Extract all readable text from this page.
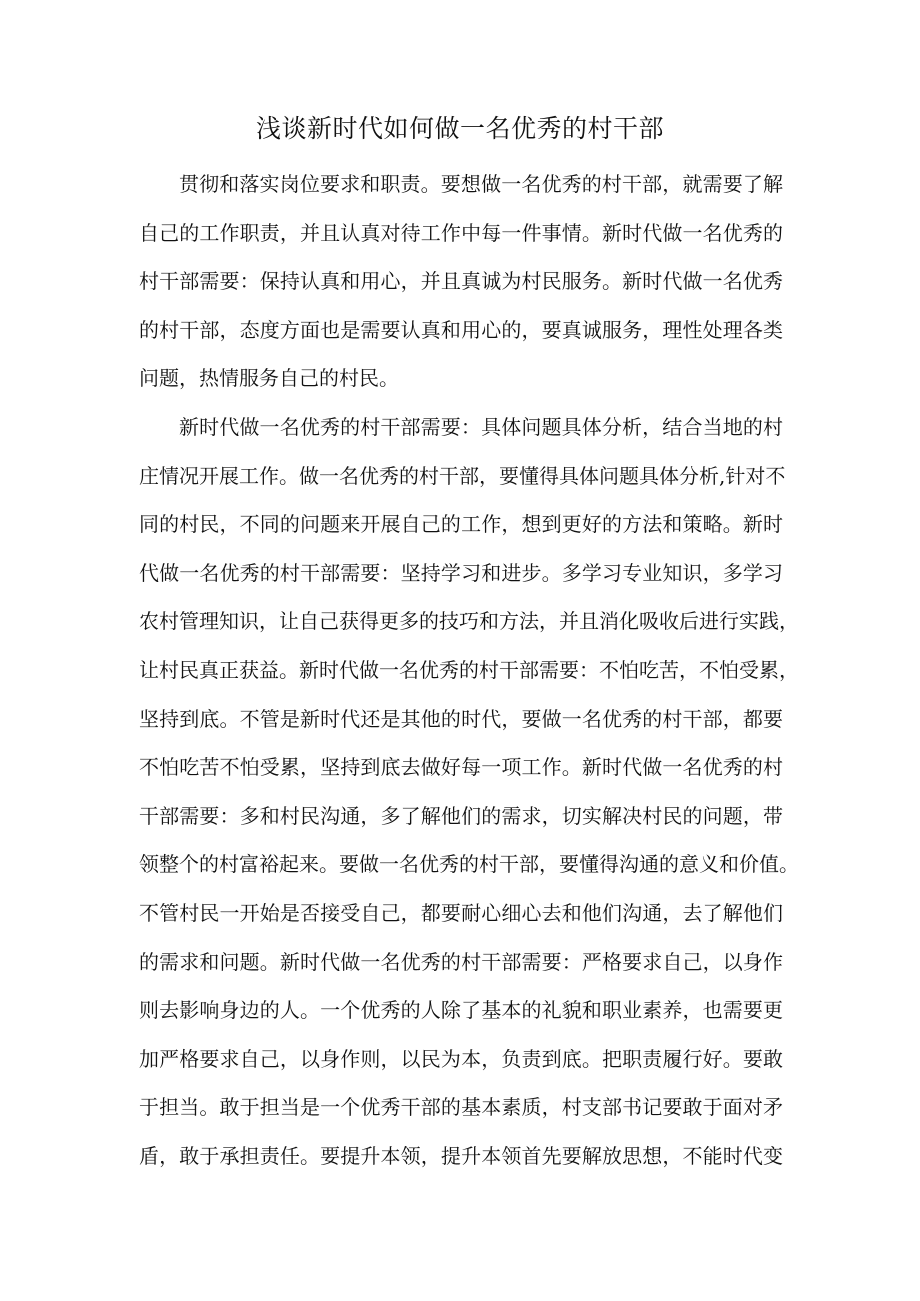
浅谈新时代如何做一名优秀的村干部
贯彻和落实岗位要求和职责。要想做一名优秀的村干部，就需要了解
自己的工作职责，并且认真对待工作中每一件事情。新时代做一名优秀的
村干部需要：保持认真和用心，并且真诚为村民服务。新时代做一名优秀
的村干部，态度方面也是需要认真和用心的，要真诚服务，理性处理各类
问题，热情服务自己的村民。
新时代做一名优秀的村干部需要：具体问题具体分析，结合当地的村
庄情况开展工作。做一名优秀的村干部，要懂得具体问题具体分析,针对不
同的村民，不同的问题来开展自己的工作，想到更好的方法和策略。新时
代做一名优秀的村干部需要：坚持学习和进步。多学习专业知识，多学习
农村管理知识，让自己获得更多的技巧和方法，并且消化吸收后进行实践，
让村民真正获益。新时代做一名优秀的村干部需要：不怕吃苦，不怕受累，
坚持到底。不管是新时代还是其他的时代，要做一名优秀的村干部，都要
不怕吃苦不怕受累，坚持到底去做好每一项工作。新时代做一名优秀的村
干部需要：多和村民沟通，多了解他们的需求，切实解决村民的问题，带
领整个的村富裕起来。要做一名优秀的村干部，要懂得沟通的意义和价值。
不管村民一开始是否接受自己，都要耐心细心去和他们沟通，去了解他们
的需求和问题。新时代做一名优秀的村干部需要：严格要求自己，以身作
则去影响身边的人。一个优秀的人除了基本的礼貌和职业素养，也需要更
加严格要求自己，以身作则，以民为本，负责到底。把职责履行好。要敢
于担当。敢于担当是一个优秀干部的基本素质，村支部书记要敢于面对矛
盾，敢于承担责任。要提升本领，提升本领首先要解放思想，不能时代变
